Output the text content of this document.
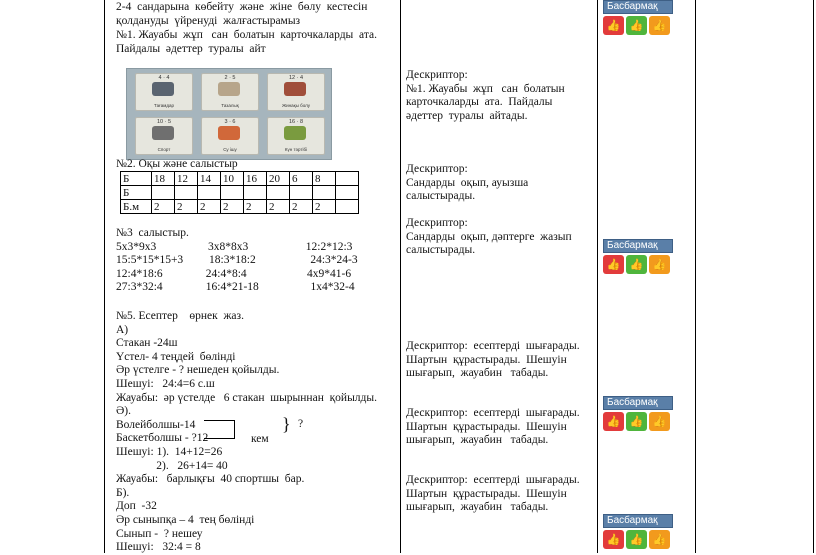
2-4  сандарына  көбейту  және  жіне  бөлу  кестесін
қолдануды  үйренуді  жалғастырамыз
№1. Жауабы  жұп   сан  болатын  карточкаларды  ата.
Пайдалы  әдеттер  туралы  айт
4 · 4
Тағамдар
2 · 5
Тазалық
12 · 4
Жинақы болу
10 · 5
Спорт
3 · 6
Су ішу
16 · 8
Күн тәртібі
№2. Оқы және салыстыр
Б	18	12	14	10	16	20	6	8	
Б									
Б.м	2	2	2	2	2	2	2	2	
№3  салыстыр.
5х3*9х3                  3х8*8х3                    12:2*12:3
15:5*15*15+3         18:3*18:2                   24:3*24-3
12:4*18:6               24:4*8:4                     4х9*41-6
27:3*32:4               16:4*21-18                  1х4*32-4
№5. Есептер    өрнек  жаз.
А)
Стакан -24ш
Үстел- 4 теңдей  бөлінді
Әр үстелге - ? нешеден қойылды.
Шешуі:   24:4=6 с.ш
Жауабы:  әр үстелде   6 стакан  шырыннан  қойылды.
Ә).
Волейболшы-14
Баскетболшы - ?12
Шешуі: 1).  14+12=26
2).   26+14= 40
Жауабы:   барлықғы  40 спортшы  бар.
Б).
Доп  -32
Әр сыныпқа – 4  тең бөлінді
Сынып -  ? нешеу
Шешуі:   32:4 = 8
кем
} ?
Дескриптор:
№1. Жауабы  жұп   сан  болатын
карточкаларды  ата.  Пайдалы
әдеттер  туралы  айтады.
Дескриптор:
Сандарды  оқып, ауызша
салыстырады.
Дескриптор:
Сандарды  оқып, дәптерге  жазып
салыстырады.
Дескриптор:  есептерді  шығарады.
Шартын  құрастырады.  Шешуін
шығарып,  жауабин   табады.
Дескриптор:  есептерді  шығарады.
Шартын  құрастырады.  Шешуін
шығарып,  жауабин   табады.
Дескриптор:  есептерді  шығарады.
Шартын  құрастырады.  Шешуін
шығарып,  жауабин   табады.
Басбармақ
👍 👍 👍
Басбармақ
👍 👍 👍
Басбармақ
👍 👍 👍
Басбармақ
👍 👍 👍
